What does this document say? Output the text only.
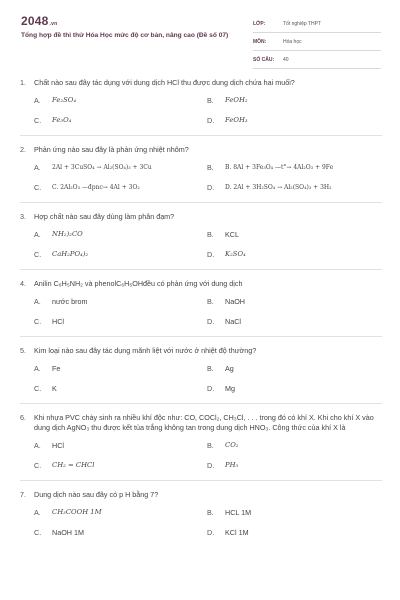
2048.vn
Tổng hợp đề thi thử Hóa Học mức độ cơ bản, nâng cao (Đề số 07)
LỚP:	Tốt nghiệp THPT
MÔN:	Hóa học
SỐ CÂU:	40
1.	Chất nào sau đây tác dụng với dung dịch HCl thu được dung dịch chứa hai muối?
A.	Fe₂SO₄	B.	FeOH₂
C.	Fe₃O₄	D.	FeOH₃
2.	Phản ứng nào sau đây là phản ứng nhiệt nhôm?
A.	2Al + 3CuSO₄ → Al₂(SO₄)₃ + 3Cu	B.	B. 8Al + 3Fe₃O₄ —t°→ 4Al₂O₃ + 9Fe
C.	C. 2Al₂O₃ —đpnc→ 4Al + 3O₂	D.	D. 2Al + 3H₂SO₄ → Al₂(SO₄)₃ + 3H₂
3.	Hợp chất nào sau đây dùng làm phân đạm?
A.	NH₂)₂CO	B.	KCL
C.	CaH₂PO₄)₂	D.	K₂SO₄
4.	Anilin C₆H₅NH₂ và phenolC₆H₅OHđều có phản ứng với dung dịch
A.	nước brom	B.	NaOH
C.	HCl	D.	NaCl
5.	Kim loại nào sau đây tác dụng mãnh liệt với nước ở nhiệt độ thường?
A.	Fe	B.	Ag
C.	K	D.	Mg
6.	Khi nhựa PVC cháy sinh ra nhiều khí độc như: CO, COCl₂, CH₃Cl, . . . trong đó có khí X. Khi cho khí X vào dung dịch AgNO₃ thu được kết tủa trắng không tan trong dung dịch HNO₃. Công thức của khí X là
A.	HCl	B.	CO₂
C.	CH₂ = CHCl	D.	PH₃
7.	Dung dịch nào sau đây có p H bằng 7?
A.	CH₃COOH 1M	B.	HCL 1M
C.	NaOH 1M	D.	KCl 1M
